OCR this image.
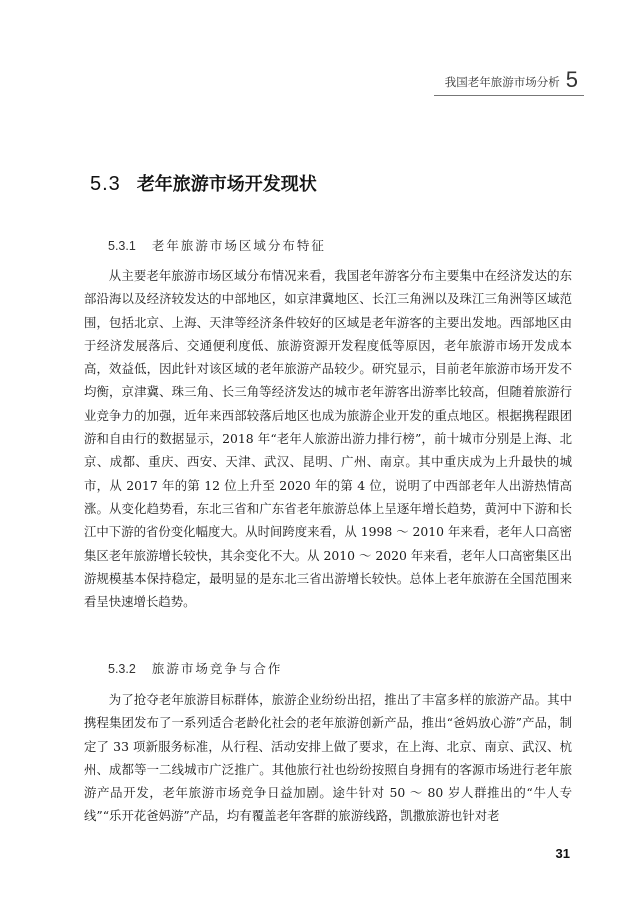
我国老年旅游市场分析 5
5.3 老年旅游市场开发现状
5.3.1 老年旅游市场区域分布特征

从主要老年旅游市场区域分布情况来看，我国老年游客分布主要集中在经济发达的东部沿海以及经济较发达的中部地区，如京津冀地区、长江三角洲以及珠江三角洲等区域范围，包括北京、上海、天津等经济条件较好的区域是老年游客的主要出发地。西部地区由于经济发展落后、交通便利度低、旅游资源开发程度低等原因，老年旅游市场开发成本高，效益低，因此针对该区域的老年旅游产品较少。研究显示，目前老年旅游市场开发不均衡，京津冀、珠三角、长三角等经济发达的城市老年游客出游率比较高，但随着旅游行业竞争力的加强，近年来西部较落后地区也成为旅游企业开发的重点地区。根据携程跟团游和自由行的数据显示，2018 年“老年人旅游出游力排行榜”，前十城市分别是上海、北京、成都、重庆、西安、天津、武汉、昆明、广州、南京。其中重庆成为上升最快的城市，从 2017 年的第 12 位上升至 2020 年的第 4 位，说明了中西部老年人出游热情高涨。从变化趋势看，东北三省和广东省老年旅游总体上呈逐年增长趋势，黄河中下游和长江中下游的省份变化幅度大。从时间跨度来看，从 1998 ～ 2010 年来看，老年人口高密集区老年旅游增长较快，其余变化不大。从 2010 ～ 2020 年来看，老年人口高密集区出游规模基本保持稳定，最明显的是东北三省出游增长较快。总体上老年旅游在全国范围来看呈快速增长趋势。

5.3.2 旅游市场竞争与合作

为了抢夺老年旅游目标群体，旅游企业纷纷出招，推出了丰富多样的旅游产品。其中携程集团发布了一系列适合老龄化社会的老年旅游创新产品，推出“爸妈放心游”产品，制定了 33 项新服务标准，从行程、活动安排上做了要求，在上海、北京、南京、武汉、杭州、成都等一二线城市广泛推广。其他旅行社也纷纷按照自身拥有的客源市场进行老年旅游产品开发，老年旅游市场竞争日益加剧。途牛针对 50 ～ 80 岁人群推出的“牛人专线”“乐开花爸妈游”产品，均有覆盖老年客群的旅游线路，凯撒旅游也针对老

31
